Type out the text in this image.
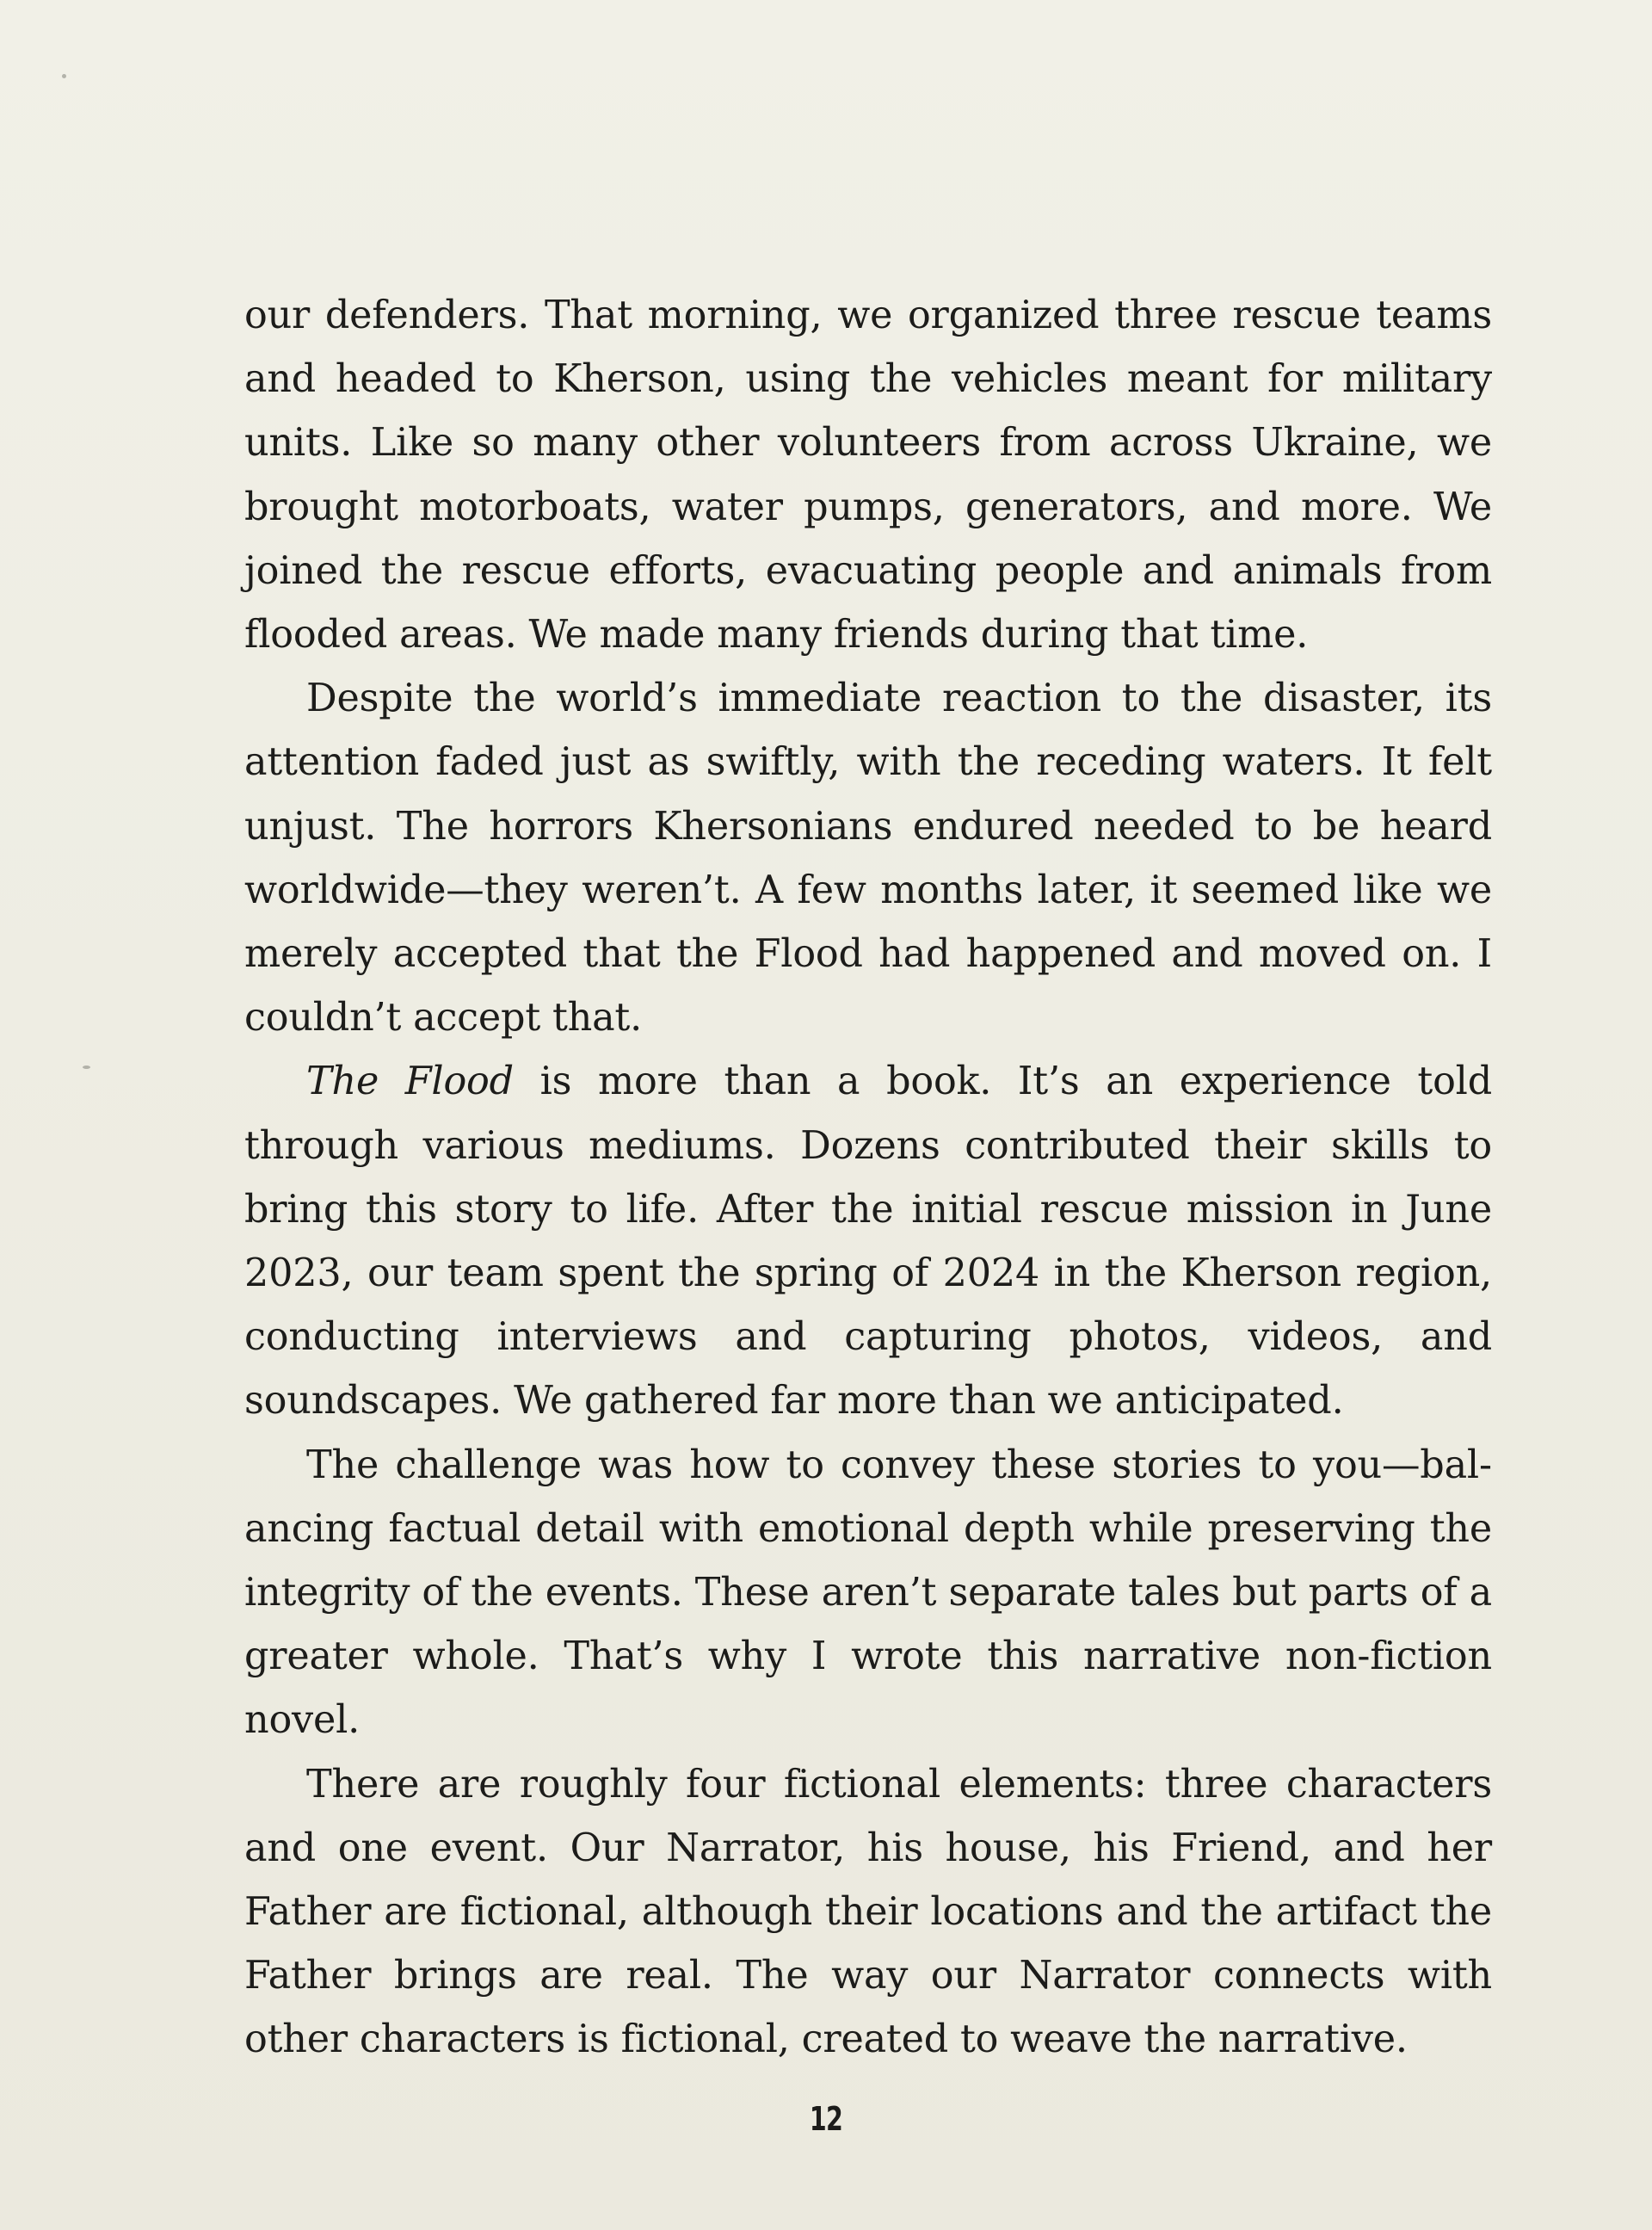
our defenders. That morning, we organized three rescue teams and headed to Kherson, using the vehicles meant for military units. Like so many other volunteers from across Ukraine, we brought motorboats, water pumps, generators, and more. We joined the rescue efforts, evacuating people and animals from flooded areas. We made many friends during that time.

Despite the world’s immediate reaction to the disaster, its attention faded just as swiftly, with the receding waters. It felt unjust. The horrors Khersonians endured needed to be heard worldwide—they weren’t. A few months later, it seemed like we merely accepted that the Flood had happened and moved on. I couldn’t accept that.

The Flood is more than a book. It’s an experience told through various mediums. Dozens contributed their skills to bring this story to life. After the initial rescue mission in June 2023, our team spent the spring of 2024 in the Kherson region, conducting interviews and capturing photos, videos, and soundscapes. We gathered far more than we anticipated.

The challenge was how to convey these stories to you—balancing factual detail with emotional depth while preserving the integrity of the events. These aren’t separate tales but parts of a greater whole. That’s why I wrote this narrative non-fiction novel.

There are roughly four fictional elements: three characters and one event. Our Narrator, his house, his Friend, and her Father are fictional, although their locations and the artifact the Father brings are real. The way our Narrator connects with other characters is fictional, created to weave the narrative.

12
